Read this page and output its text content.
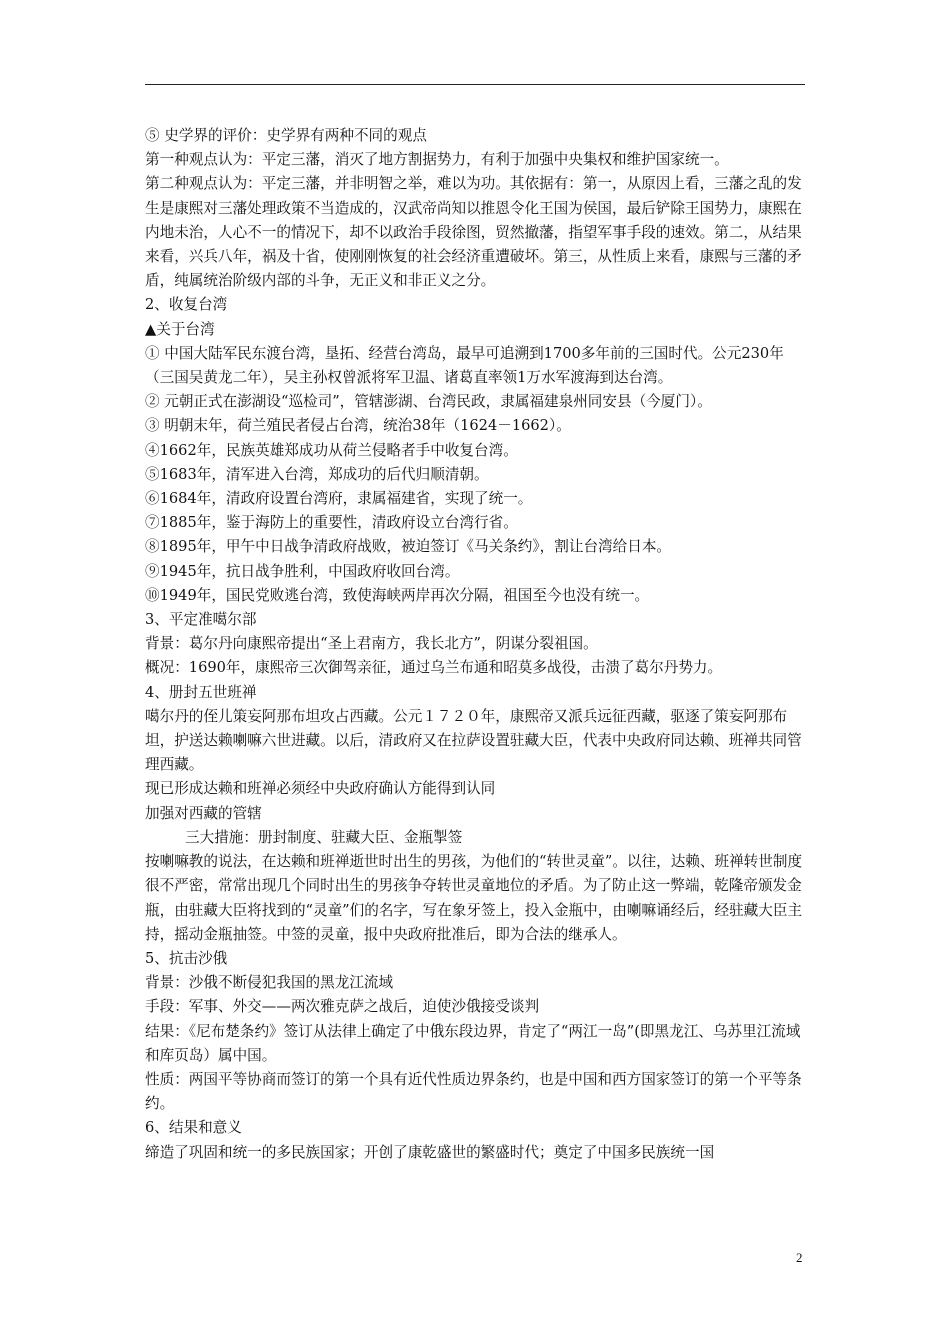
⑤ 史学界的评价：史学界有两种不同的观点

第一种观点认为：平定三藩，消灭了地方割据势力，有利于加强中央集权和维护国家统一。

第二种观点认为：平定三藩，并非明智之举，难以为功。其依据有：第一，从原因上看，三藩之乱的发生是康熙对三藩处理政策不当造成的，汉武帝尚知以推恩令化王国为侯国，最后铲除王国势力，康熙在内地未治，人心不一的情况下，却不以政治手段徐图，贸然撤藩，指望军事手段的速效。第二，从结果来看，兴兵八年，祸及十省，使刚刚恢复的社会经济重遭破坏。第三，从性质上来看，康熙与三藩的矛盾，纯属统治阶级内部的斗争，无正义和非正义之分。

2、收复台湾

▲关于台湾

① 中国大陆军民东渡台湾，垦拓、经营台湾岛，最早可追溯到1700多年前的三国时代。公元230年（三国吴黄龙二年），吴主孙权曾派将军卫温、诸葛直率领1万水军渡海到达台湾。

② 元朝正式在澎湖设“巡检司”，管辖澎湖、台湾民政，隶属福建泉州同安县（今厦门）。

③ 明朝末年，荷兰殖民者侵占台湾，统治38年（1624－1662）。

④1662年，民族英雄郑成功从荷兰侵略者手中收复台湾。

⑤1683年，清军进入台湾，郑成功的后代归顺清朝。

⑥1684年，清政府设置台湾府，隶属福建省，实现了统一。

⑦1885年，鉴于海防上的重要性，清政府设立台湾行省。

⑧1895年，甲午中日战争清政府战败，被迫签订《马关条约》，割让台湾给日本。

⑨1945年，抗日战争胜利，中国政府收回台湾。

⑩1949年，国民党败逃台湾，致使海峡两岸再次分隔，祖国至今也没有统一。

3、平定准噶尔部

背景：葛尔丹向康熙帝提出“圣上君南方，我长北方”，阴谋分裂祖国。

概况：1690年，康熙帝三次御驾亲征，通过乌兰布通和昭莫多战役，击溃了葛尔丹势力。

4、册封五世班禅

噶尔丹的侄儿策妄阿那布坦攻占西藏。公元１７２０年，康熙帝又派兵远征西藏，驱逐了策妄阿那布坦，护送达赖喇嘛六世进藏。以后，清政府又在拉萨设置驻藏大臣，代表中央政府同达赖、班禅共同管理西藏。

现已形成达赖和班禅必须经中央政府确认方能得到认同

加强对西藏的管辖

三大措施：册封制度、驻藏大臣、金瓶掣签

按喇嘛教的说法，在达赖和班禅逝世时出生的男孩，为他们的“转世灵童”。以往，达赖、班禅转世制度很不严密，常常出现几个同时出生的男孩争夺转世灵童地位的矛盾。为了防止这一弊端，乾隆帝颁发金瓶，由驻藏大臣将找到的“灵童”们的名字，写在象牙签上，投入金瓶中，由喇嘛诵经后，经驻藏大臣主持，摇动金瓶抽签。中签的灵童，报中央政府批准后，即为合法的继承人。

5、抗击沙俄

背景：沙俄不断侵犯我国的黑龙江流域

手段：军事、外交——两次雅克萨之战后，迫使沙俄接受谈判

结果：《尼布楚条约》签订从法律上确定了中俄东段边界，肯定了“两江一岛”(即黑龙江、乌苏里江流域和库页岛）属中国。

性质：两国平等协商而签订的第一个具有近代性质边界条约，也是中国和西方国家签订的第一个平等条约。

6、结果和意义

缔造了巩固和统一的多民族国家；开创了康乾盛世的繁盛时代；奠定了中国多民族统一国

2
